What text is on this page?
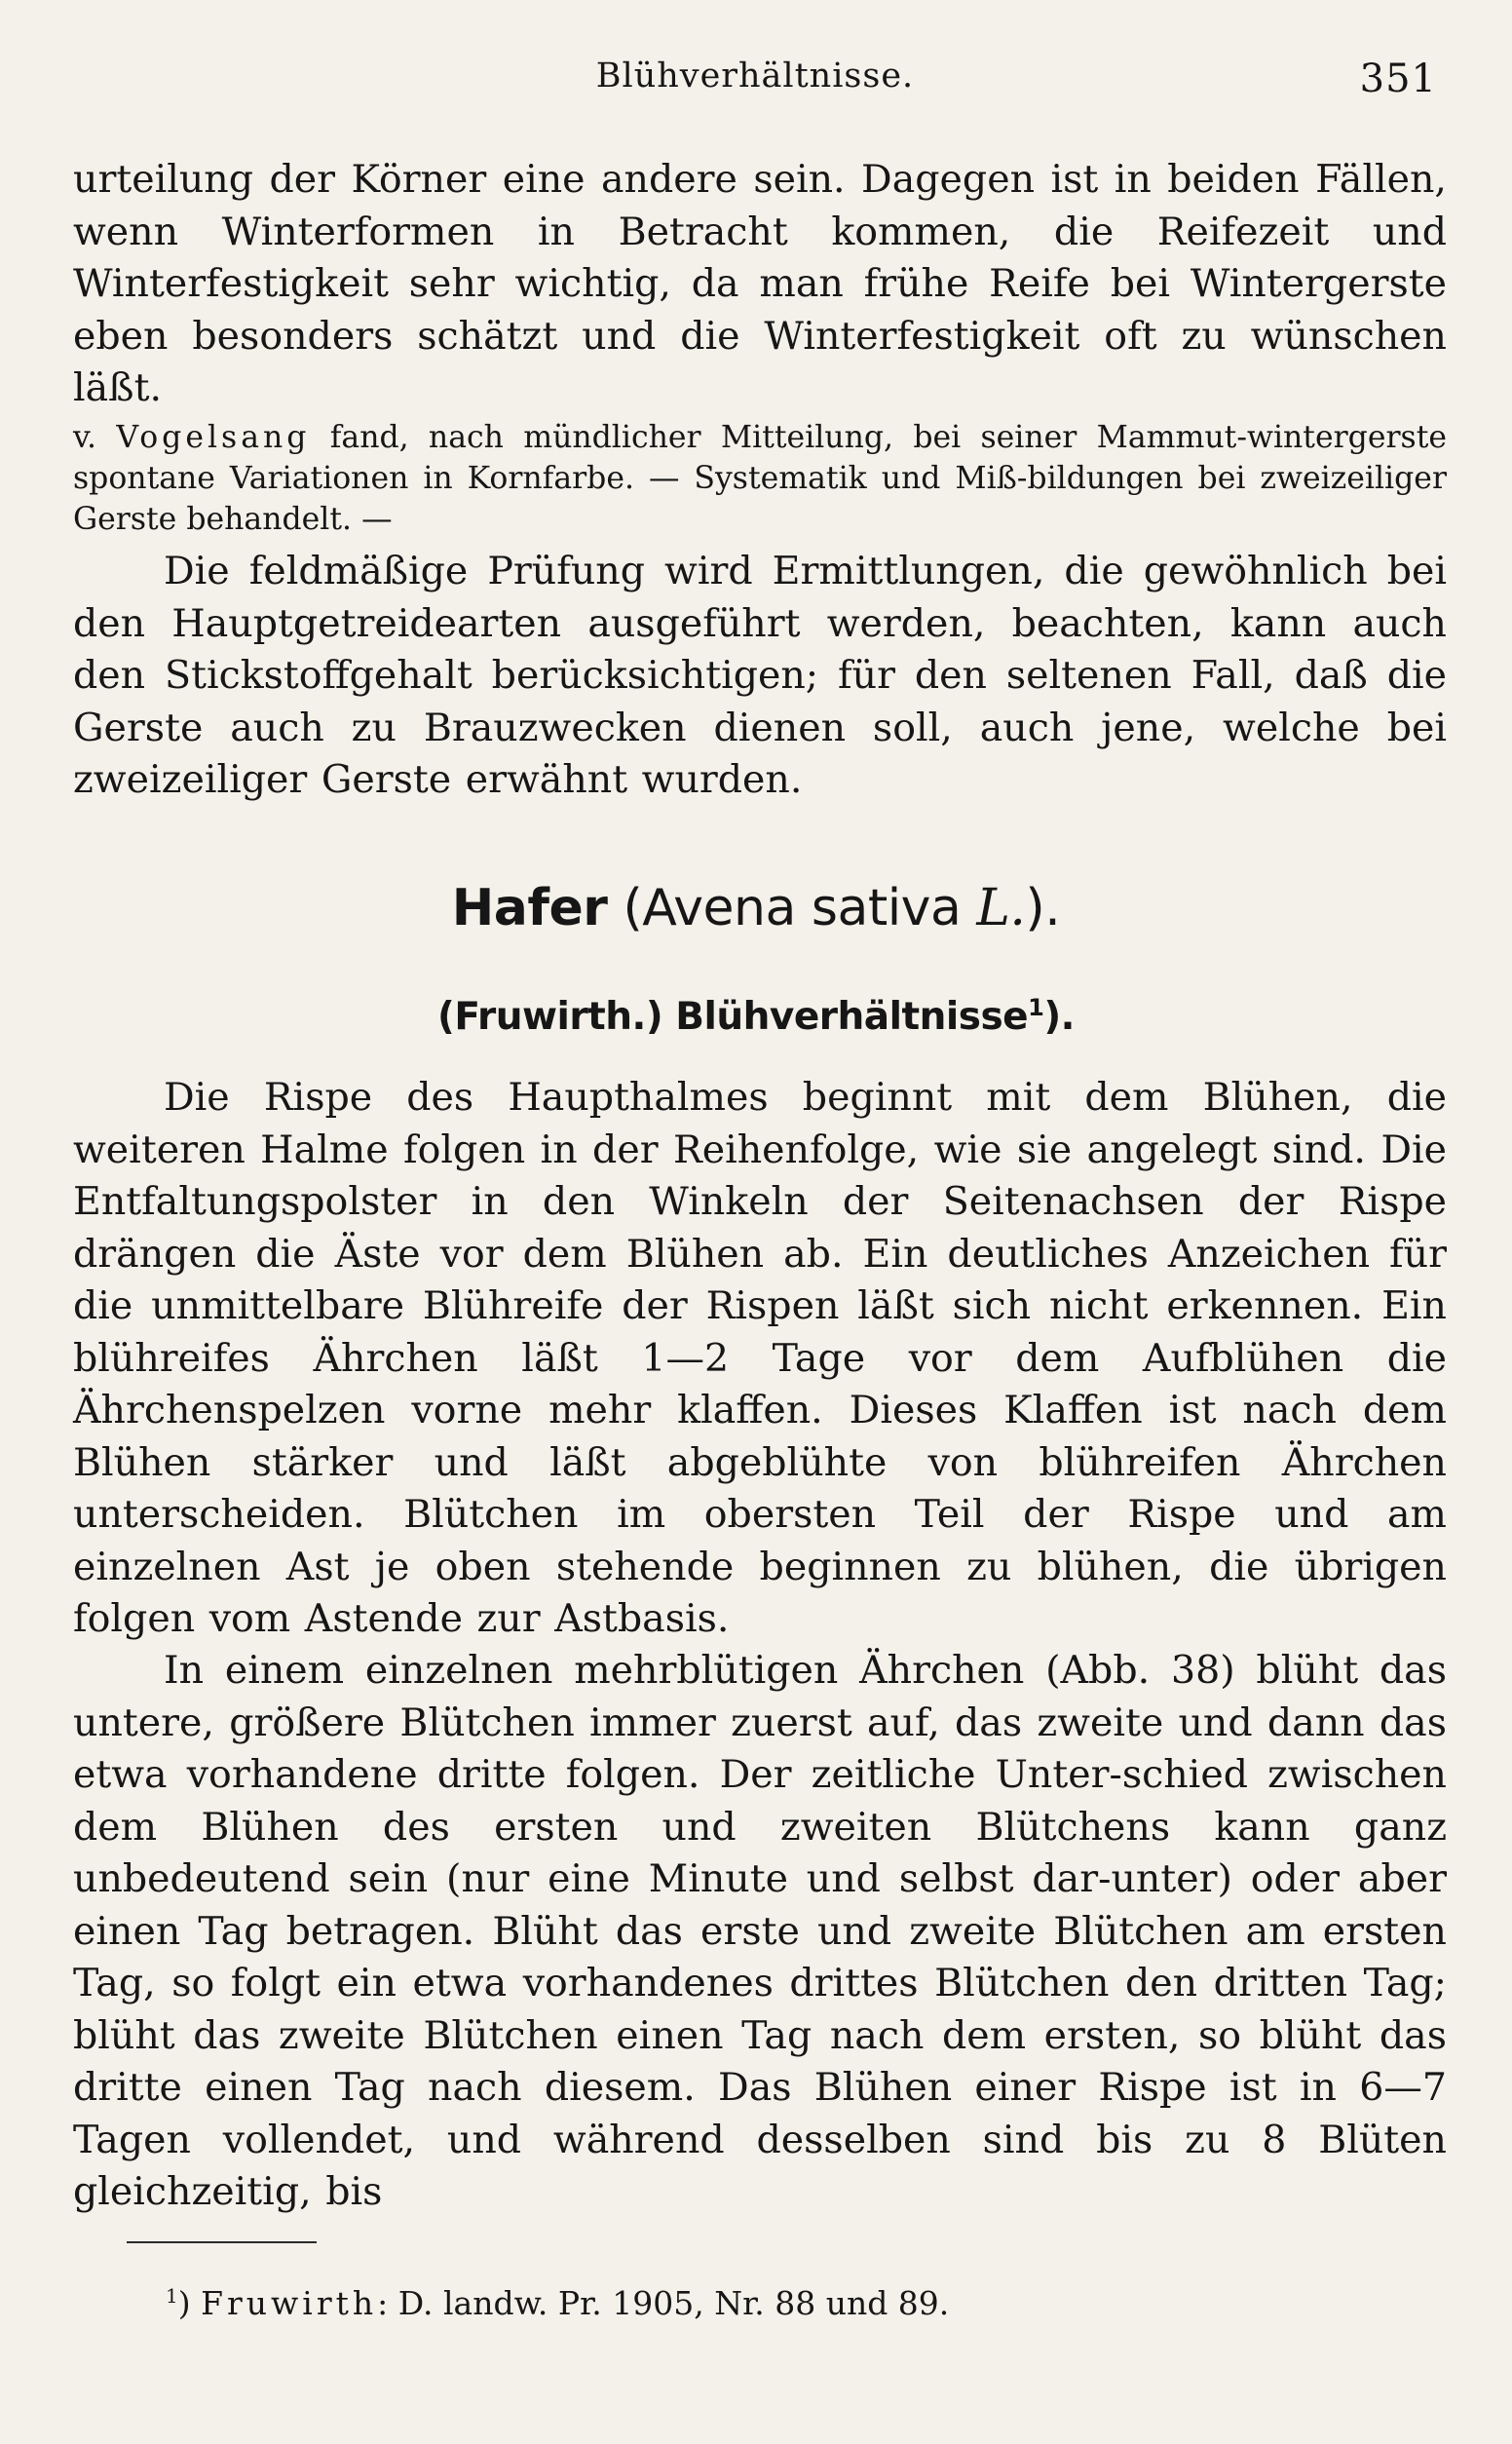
Blühverhältnisse.	351

urteilung der Körner eine andere sein. Dagegen ist in beiden Fällen, wenn Winterformen in Betracht kommen, die Reifezeit und Winterfestigkeit sehr wichtig, da man frühe Reife bei Wintergerste eben besonders schätzt und die Winterfestigkeit oft zu wünschen läßt.

v. Vogelsang fand, nach mündlicher Mitteilung, bei seiner Mammut-wintergerste spontane Variationen in Kornfarbe. — Systematik und Miß-bildungen bei zweizeiliger Gerste behandelt. —

Die feldmäßige Prüfung wird Ermittlungen, die gewöhnlich bei den Hauptgetreidearten ausgeführt werden, beachten, kann auch den Stickstoffgehalt berücksichtigen; für den seltenen Fall, daß die Gerste auch zu Brauzwecken dienen soll, auch jene, welche bei zweizeiliger Gerste erwähnt wurden.

Hafer (Avena sativa L.).
(Fruwirth.) Blühverhältnisse$^1$).

Die Rispe des Haupthalmes beginnt mit dem Blühen, die weiteren Halme folgen in der Reihenfolge, wie sie angelegt sind. Die Entfaltungspolster in den Winkeln der Seitenachsen der Rispe drängen die Äste vor dem Blühen ab. Ein deutliches Anzeichen für die unmittelbare Blühreife der Rispen läßt sich nicht erkennen. Ein blühreifes Ährchen läßt 1—2 Tage vor dem Aufblühen die Ährchenspelzen vorne mehr klaffen. Dieses Klaffen ist nach dem Blühen stärker und läßt abgeblühte von blühreifen Ährchen unterscheiden. Blütchen im obersten Teil der Rispe und am einzelnen Ast je oben stehende beginnen zu blühen, die übrigen folgen vom Astende zur Astbasis.

In einem einzelnen mehrblütigen Ährchen (Abb. 38) blüht das untere, größere Blütchen immer zuerst auf, das zweite und dann das etwa vorhandene dritte folgen. Der zeitliche Unter-schied zwischen dem Blühen des ersten und zweiten Blütchens kann ganz unbedeutend sein (nur eine Minute und selbst dar-unter) oder aber einen Tag betragen. Blüht das erste und zweite Blütchen am ersten Tag, so folgt ein etwa vorhandenes drittes Blütchen den dritten Tag; blüht das zweite Blütchen einen Tag nach dem ersten, so blüht das dritte einen Tag nach diesem. Das Blühen einer Rispe ist in 6—7 Tagen vollendet, und während desselben sind bis zu 8 Blüten gleichzeitig, bis

$^1$) Fruwirth: D. landw. Pr. 1905, Nr. 88 und 89.
